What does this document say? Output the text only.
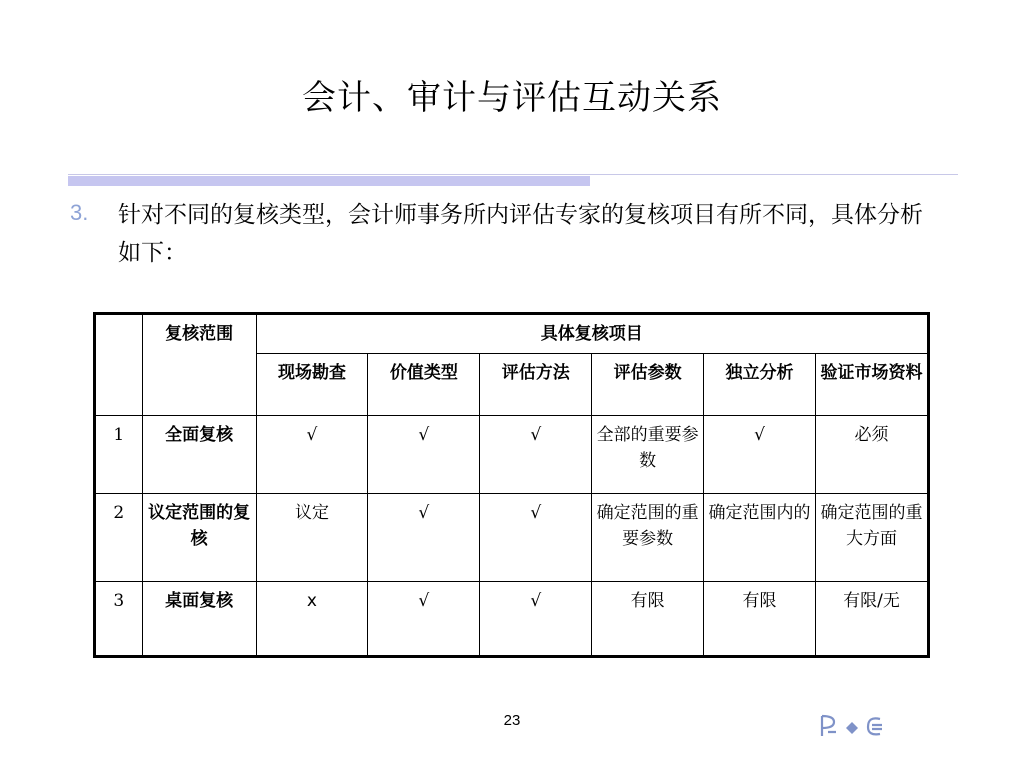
会计、审计与评估互动关系
3. 针对不同的复核类型，会计师事务所内评估专家的复核项目有所不同，具体分析如下：
	复核范围	具体复核项目					
		现场勘查	价值类型	评估方法	评估参数	独立分析	验证市场资料
1	全面复核	√	√	√	全部的重要参数	√	必须
2	议定范围的复核	议定	√	√	确定范围的重要参数	确定范围内的	确定范围的重大方面
3	桌面复核	x	√	√	有限	有限	有限/无
23
